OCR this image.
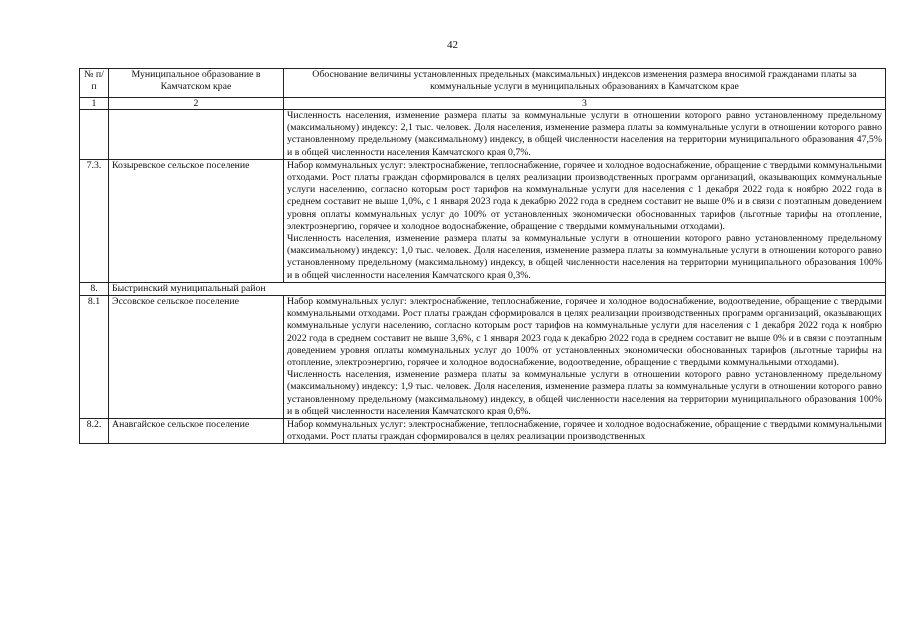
42
№ п/п	Муниципальное образование в Камчатском крае	Обоснование величины установленных предельных (максимальных) индексов изменения размера вносимой гражданами платы за коммунальные услуги в муниципальных образованиях в Камчатском крае
1	2	3

		Численность населения, изменение размера платы за коммунальные услуги в отношении которого равно установленному предельному (максимальному) индексу: 2,1 тыс. человек. Доля населения, изменение размера платы за коммунальные услуги в отношении которого равно установленному предельному (максимальному) индексу, в общей численности населения на территории муниципального образования 47,5% и в общей численности населения Камчатского края 0,7%.

7.3.	Козыревское сельское поселение	Набор коммунальных услуг: электроснабжение, теплоснабжение, горячее и холодное водоснабжение, обращение с твердыми коммунальными отходами. Рост платы граждан сформировался в целях реализации производственных программ организаций, оказывающих коммунальные услуги населению, согласно которым рост тарифов на коммунальные услуги для населения с 1 декабря 2022 года к ноябрю 2022 года в среднем составит не выше 1,0%, с 1 января 2023 года к декабрю 2022 года в среднем составит не выше 0% и в связи с поэтапным доведением уровня оплаты коммунальных услуг до 100% от установленных экономически обоснованных тарифов (льготные тарифы на отопление, электроэнергию, горячее и холодное водоснабжение, обращение с твердыми коммунальными отходами).
Численность населения, изменение размера платы за коммунальные услуги в отношении которого равно установленному предельному (максимальному) индексу: 1,0 тыс. человек. Доля населения, изменение размера платы за коммунальные услуги в отношении которого равно установленному предельному (максимальному) индексу, в общей численности населения на территории муниципального образования 100% и в общей численности населения Камчатского края 0,3%.

8.	Быстринский муниципальный район	
8.1	Эссовское сельское поселение	Набор коммунальных услуг: электроснабжение, теплоснабжение, горячее и холодное водоснабжение, водоотведение, обращение с твердыми коммунальными отходами. Рост платы граждан сформировался в целях реализации производственных программ организаций, оказывающих коммунальные услуги населению, согласно которым рост тарифов на коммунальные услуги для населения с 1 декабря 2022 года к ноябрю 2022 года в среднем составит не выше 3,6%, с 1 января 2023 года к декабрю 2022 года в среднем составит не выше 0% и в связи с поэтапным доведением уровня оплаты коммунальных услуг до 100% от установленных экономически обоснованных тарифов (льготные тарифы на отопление, электроэнергию, горячее и холодное водоснабжение, водоотведение, обращение с твердыми коммунальными отходами).
Численность населения, изменение размера платы за коммунальные услуги в отношении которого равно установленному предельному (максимальному) индексу: 1,9 тыс. человек. Доля населения, изменение размера платы за коммунальные услуги в отношении которого равно установленному предельному (максимальному) индексу, в общей численности населения на территории муниципального образования 100% и в общей численности населения Камчатского края 0,6%.

8.2.	Анавгайское сельское поселение	Набор коммунальных услуг: электроснабжение, теплоснабжение, горячее и холодное водоснабжение, обращение с твердыми коммунальными отходами. Рост платы граждан сформировался в целях реализации производственных
